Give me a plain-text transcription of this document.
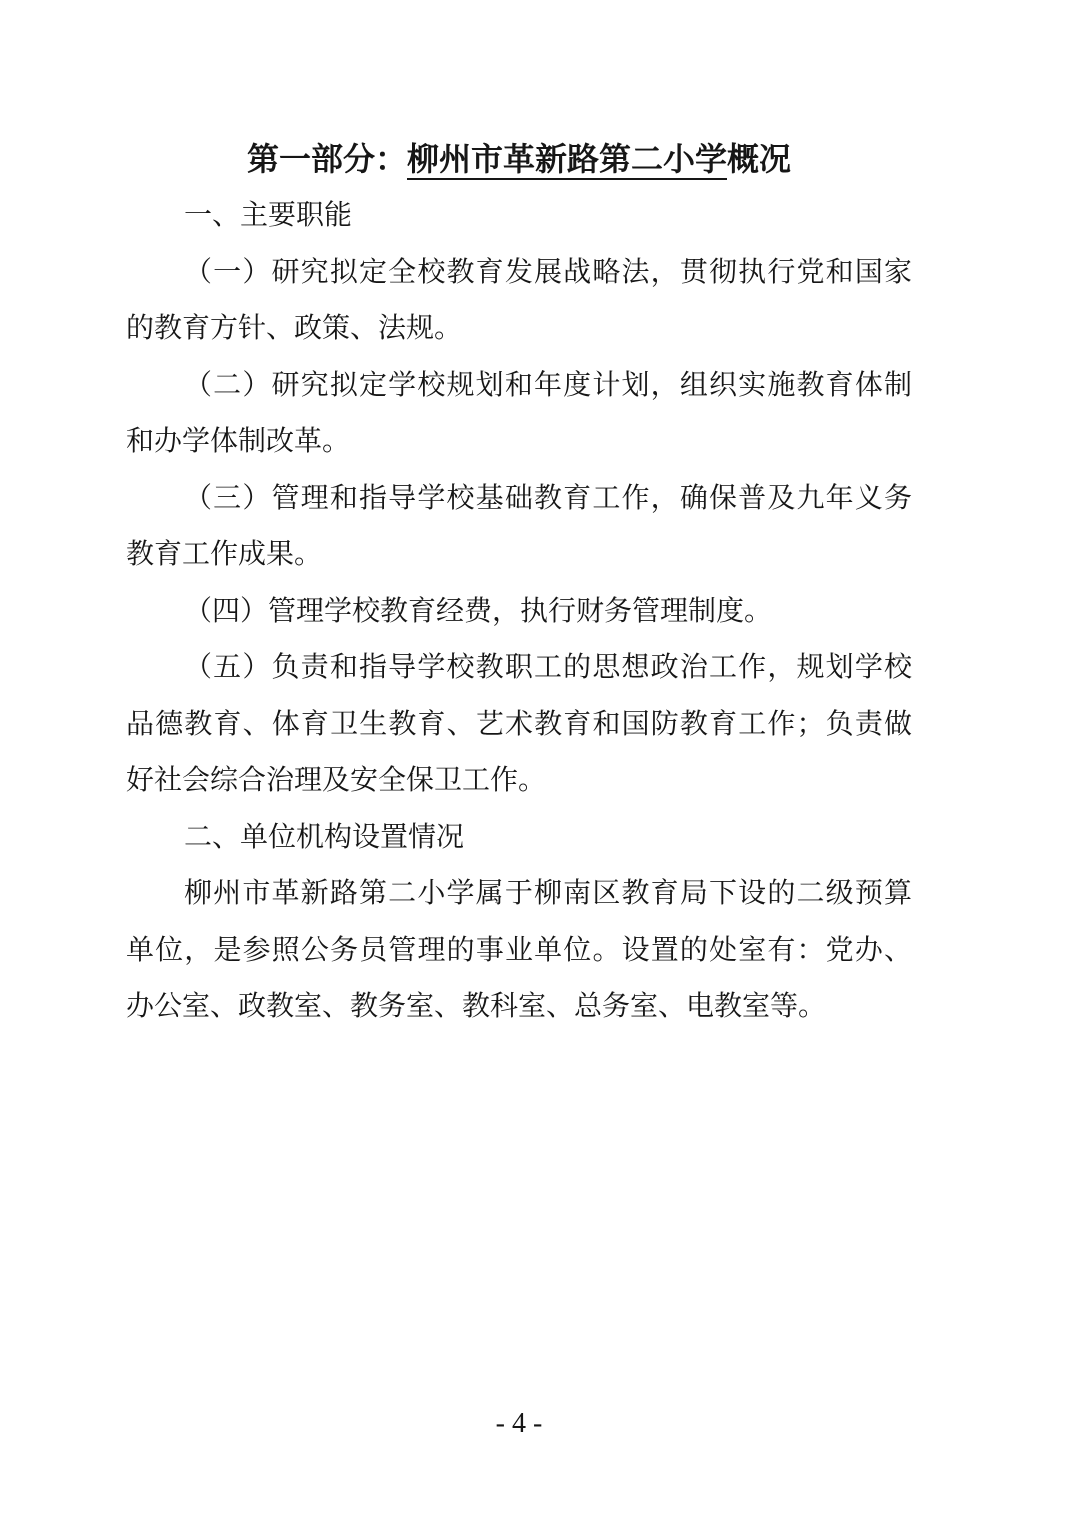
第一部分：柳州市革新路第二小学概况
一、主要职能
（一）研究拟定全校教育发展战略法，贯彻执行党和国家
的教育方针、政策、法规。
（二）研究拟定学校规划和年度计划，组织实施教育体制
和办学体制改革。
（三）管理和指导学校基础教育工作，确保普及九年义务
教育工作成果。
（四）管理学校教育经费，执行财务管理制度。
（五）负责和指导学校教职工的思想政治工作，规划学校
品德教育、体育卫生教育、艺术教育和国防教育工作；负责做
好社会综合治理及安全保卫工作。
二、单位机构设置情况
柳州市革新路第二小学属于柳南区教育局下设的二级预算
单位，是参照公务员管理的事业单位。设置的处室有：党办、
办公室、政教室、教务室、教科室、总务室、电教室等。
- 4 -
